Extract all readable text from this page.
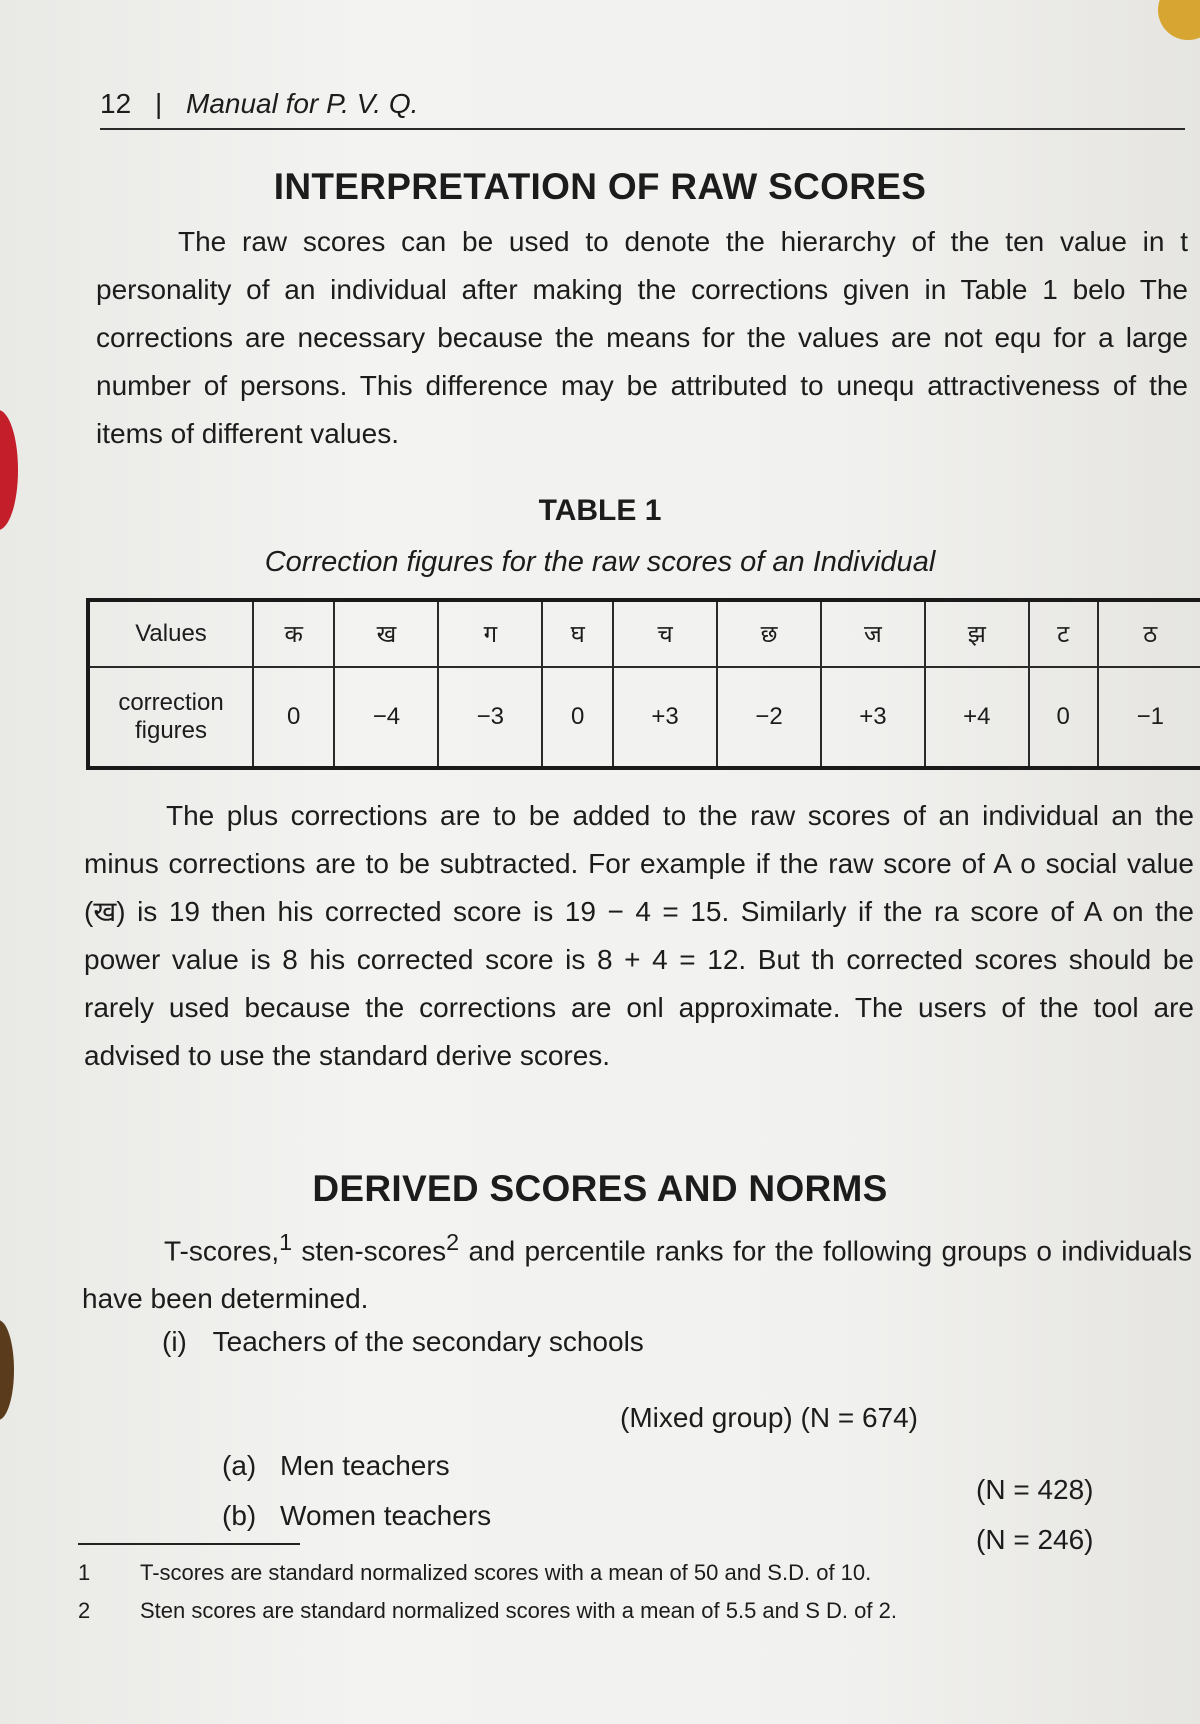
12 | Manual for P. V. Q.
INTERPRETATION OF RAW SCORES

The raw scores can be used to denote the hierarchy of the ten value in t personality of an individual after making the corrections given in Table 1 belo The corrections are necessary because the means for the values are not equ for a large number of persons. This difference may be attributed to unequ attractiveness of the items of different values.

TABLE 1
Correction figures for the raw scores of an Individual
Values	क	ख	ग	घ	च	छ	ज	झ	ट	ठ
correction figures	0	−4	−3	0	+3	−2	+3	+4	0	−1

The plus corrections are to be added to the raw scores of an individual an the minus corrections are to be subtracted. For example if the raw score of A o social value (ख) is 19 then his corrected score is 19 − 4 = 15. Similarly if the ra score of A on the power value is 8 his corrected score is 8 + 4 = 12. But th corrected scores should be rarely used because the corrections are onl approximate. The users of the tool are advised to use the standard derive scores.

DERIVED SCORES AND NORMS

T-scores,$^1$ sten-scores$^2$ and percentile ranks for the following groups o individuals have been determined.

(i) Teachers of the secondary schools
(Mixed group) (N = 674)
(a) Men teachers
(N = 428)
(b) Women teachers
(N = 246)
1 T-scores are standard normalized scores with a mean of 50 and S.D. of 10.
2 Sten scores are standard normalized scores with a mean of 5.5 and S D. of 2.
